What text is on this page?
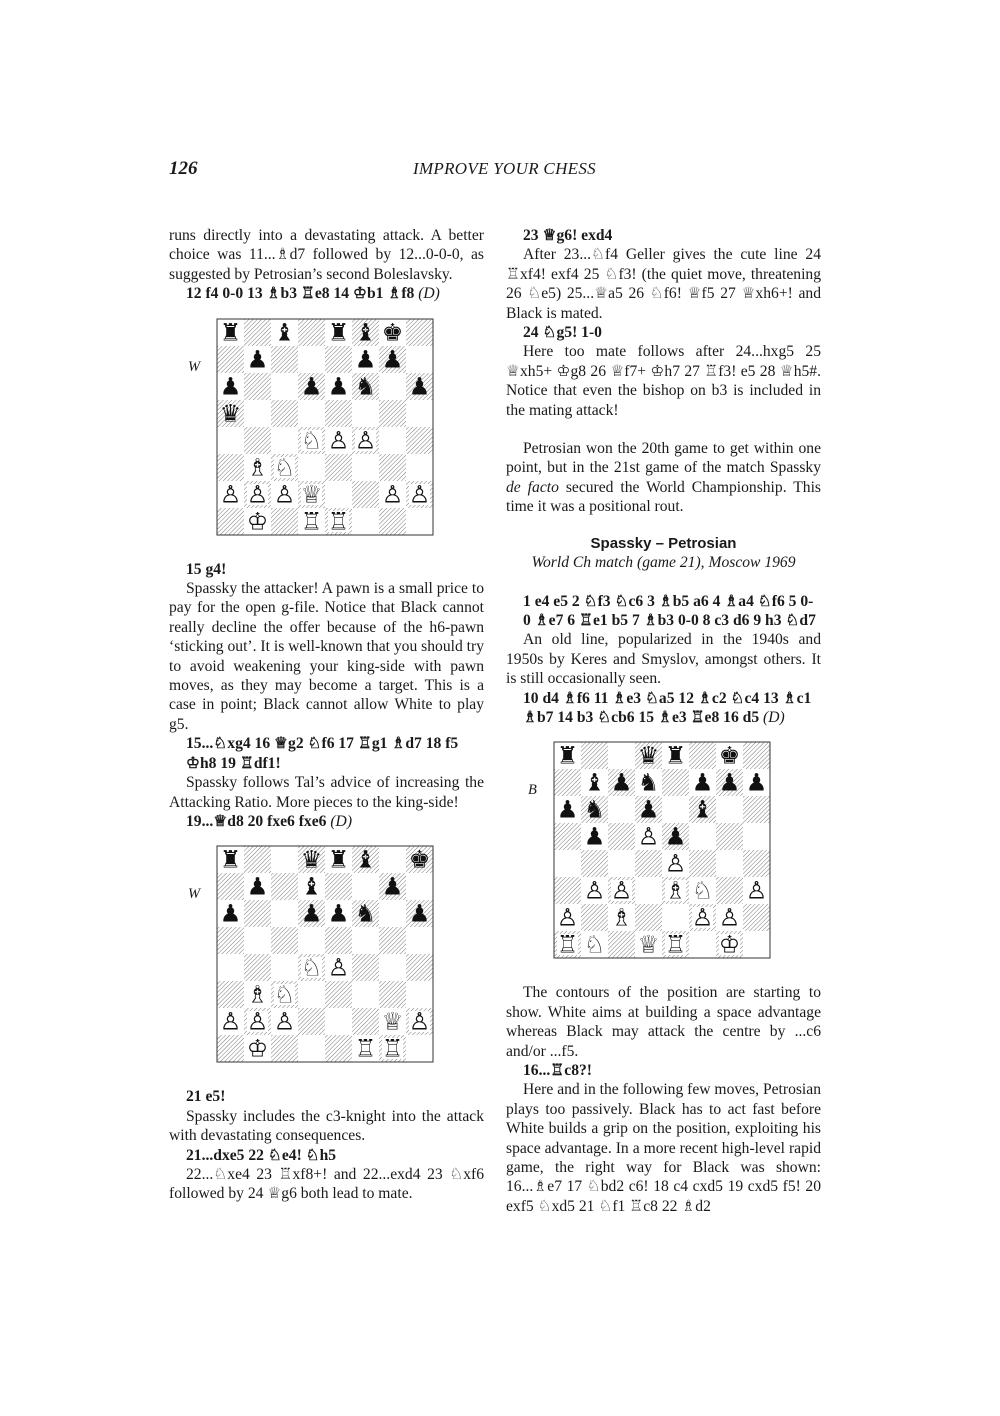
126	IMPROVE YOUR CHESS

runs directly into a devastating attack. A better choice was 11...♗d7 followed by 12...0-0-0, as suggested by Petrosian’s second Boleslavsky.

12 f4 0-0 13 ♗b3 ♖e8 14 ♔b1 ♗f8 (D)

W
♜ ♝ ♜ ♝ ♚
♟	♟ ♟
♟ ♟ ♟ ♞ ♟
♛
♘ ♙ ♙
♗ ♘
♙ ♙ ♙ ♕ ♙ ♙
♔ ♖ ♖

15 g4!

Spassky the attacker! A pawn is a small price to pay for the open g-file. Notice that Black cannot really decline the offer because of the h6-pawn ‘sticking out’. It is well-known that you should try to avoid weakening your king-side with pawn moves, as they may become a target. This is a case in point; Black cannot allow White to play g5.

15...♘xg4 16 ♕g2 ♘f6 17 ♖g1 ♗d7 18 f5 ♔h8 19 ♖df1!

Spassky follows Tal’s advice of increasing the Attacking Ratio. More pieces to the king-side!

19...♕d8 20 fxe6 fxe6 (D)

W
♜ ♛ ♜ ♝ ♚
♟ ♝ ♟
♟ ♟ ♟ ♞ ♟
♘ ♙
♗ ♘
♙ ♙ ♙	♕ ♙
♔	♖ ♖

21 e5!

Spassky includes the c3-knight into the attack with devastating consequences.

21...dxe5 22 ♘e4! ♘h5

22...♘xe4 23 ♖xf8+! and 22...exd4 23 ♘xf6 followed by 24 ♕g6 both lead to mate.

23 ♕g6! exd4

After 23...♘f4 Geller gives the cute line 24 ♖xf4! exf4 25 ♘f3! (the quiet move, threatening 26 ♘e5) 25...♕a5 26 ♘f6! ♕f5 27 ♕xh6+! and Black is mated.

24 ♘g5! 1-0

Here too mate follows after 24...hxg5 25 ♕xh5+ ♔g8 26 ♕f7+ ♔h7 27 ♖f3! e5 28 ♕h5#. Notice that even the bishop on b3 is included in the mating attack!

Petrosian won the 20th game to get within one point, but in the 21st game of the match Spassky de facto secured the World Championship. This time it was a positional rout.

Spassky – Petrosian
World Ch match (game 21), Moscow 1969

1 e4 e5 2 ♘f3 ♘c6 3 ♗b5 a6 4 ♗a4 ♘f6 5 0-0 ♗e7 6 ♖e1 b5 7 ♗b3 0-0 8 c3 d6 9 h3 ♘d7

An old line, popularized in the 1940s and 1950s by Keres and Smyslov, amongst others. It is still occasionally seen.

10 d4 ♗f6 11 ♗e3 ♘a5 12 ♗c2 ♘c4 13 ♗c1 ♗b7 14 b3 ♘cb6 15 ♗e3 ♖e8 16 d5 (D)

B
♜ ♛ ♜ ♚
♝ ♟ ♞ ♟ ♟ ♟
♟ ♞ ♟ ♝
♟ ♙ ♟
♙
♙ ♙ ♗ ♘ ♙
♙ ♗ ♙ ♙
♖ ♘ ♕ ♖ ♔

The contours of the position are starting to show. White aims at building a space advantage whereas Black may attack the centre by ...c6 and/or ...f5.

16...♖c8?!

Here and in the following few moves, Petrosian plays too passively. Black has to act fast before White builds a grip on the position, exploiting his space advantage. In a more recent high-level rapid game, the right way for Black was shown: 16...♗e7 17 ♘bd2 c6! 18 c4 cxd5 19 cxd5 f5! 20 exf5 ♘xd5 21 ♘f1 ♖c8 22 ♗d2
